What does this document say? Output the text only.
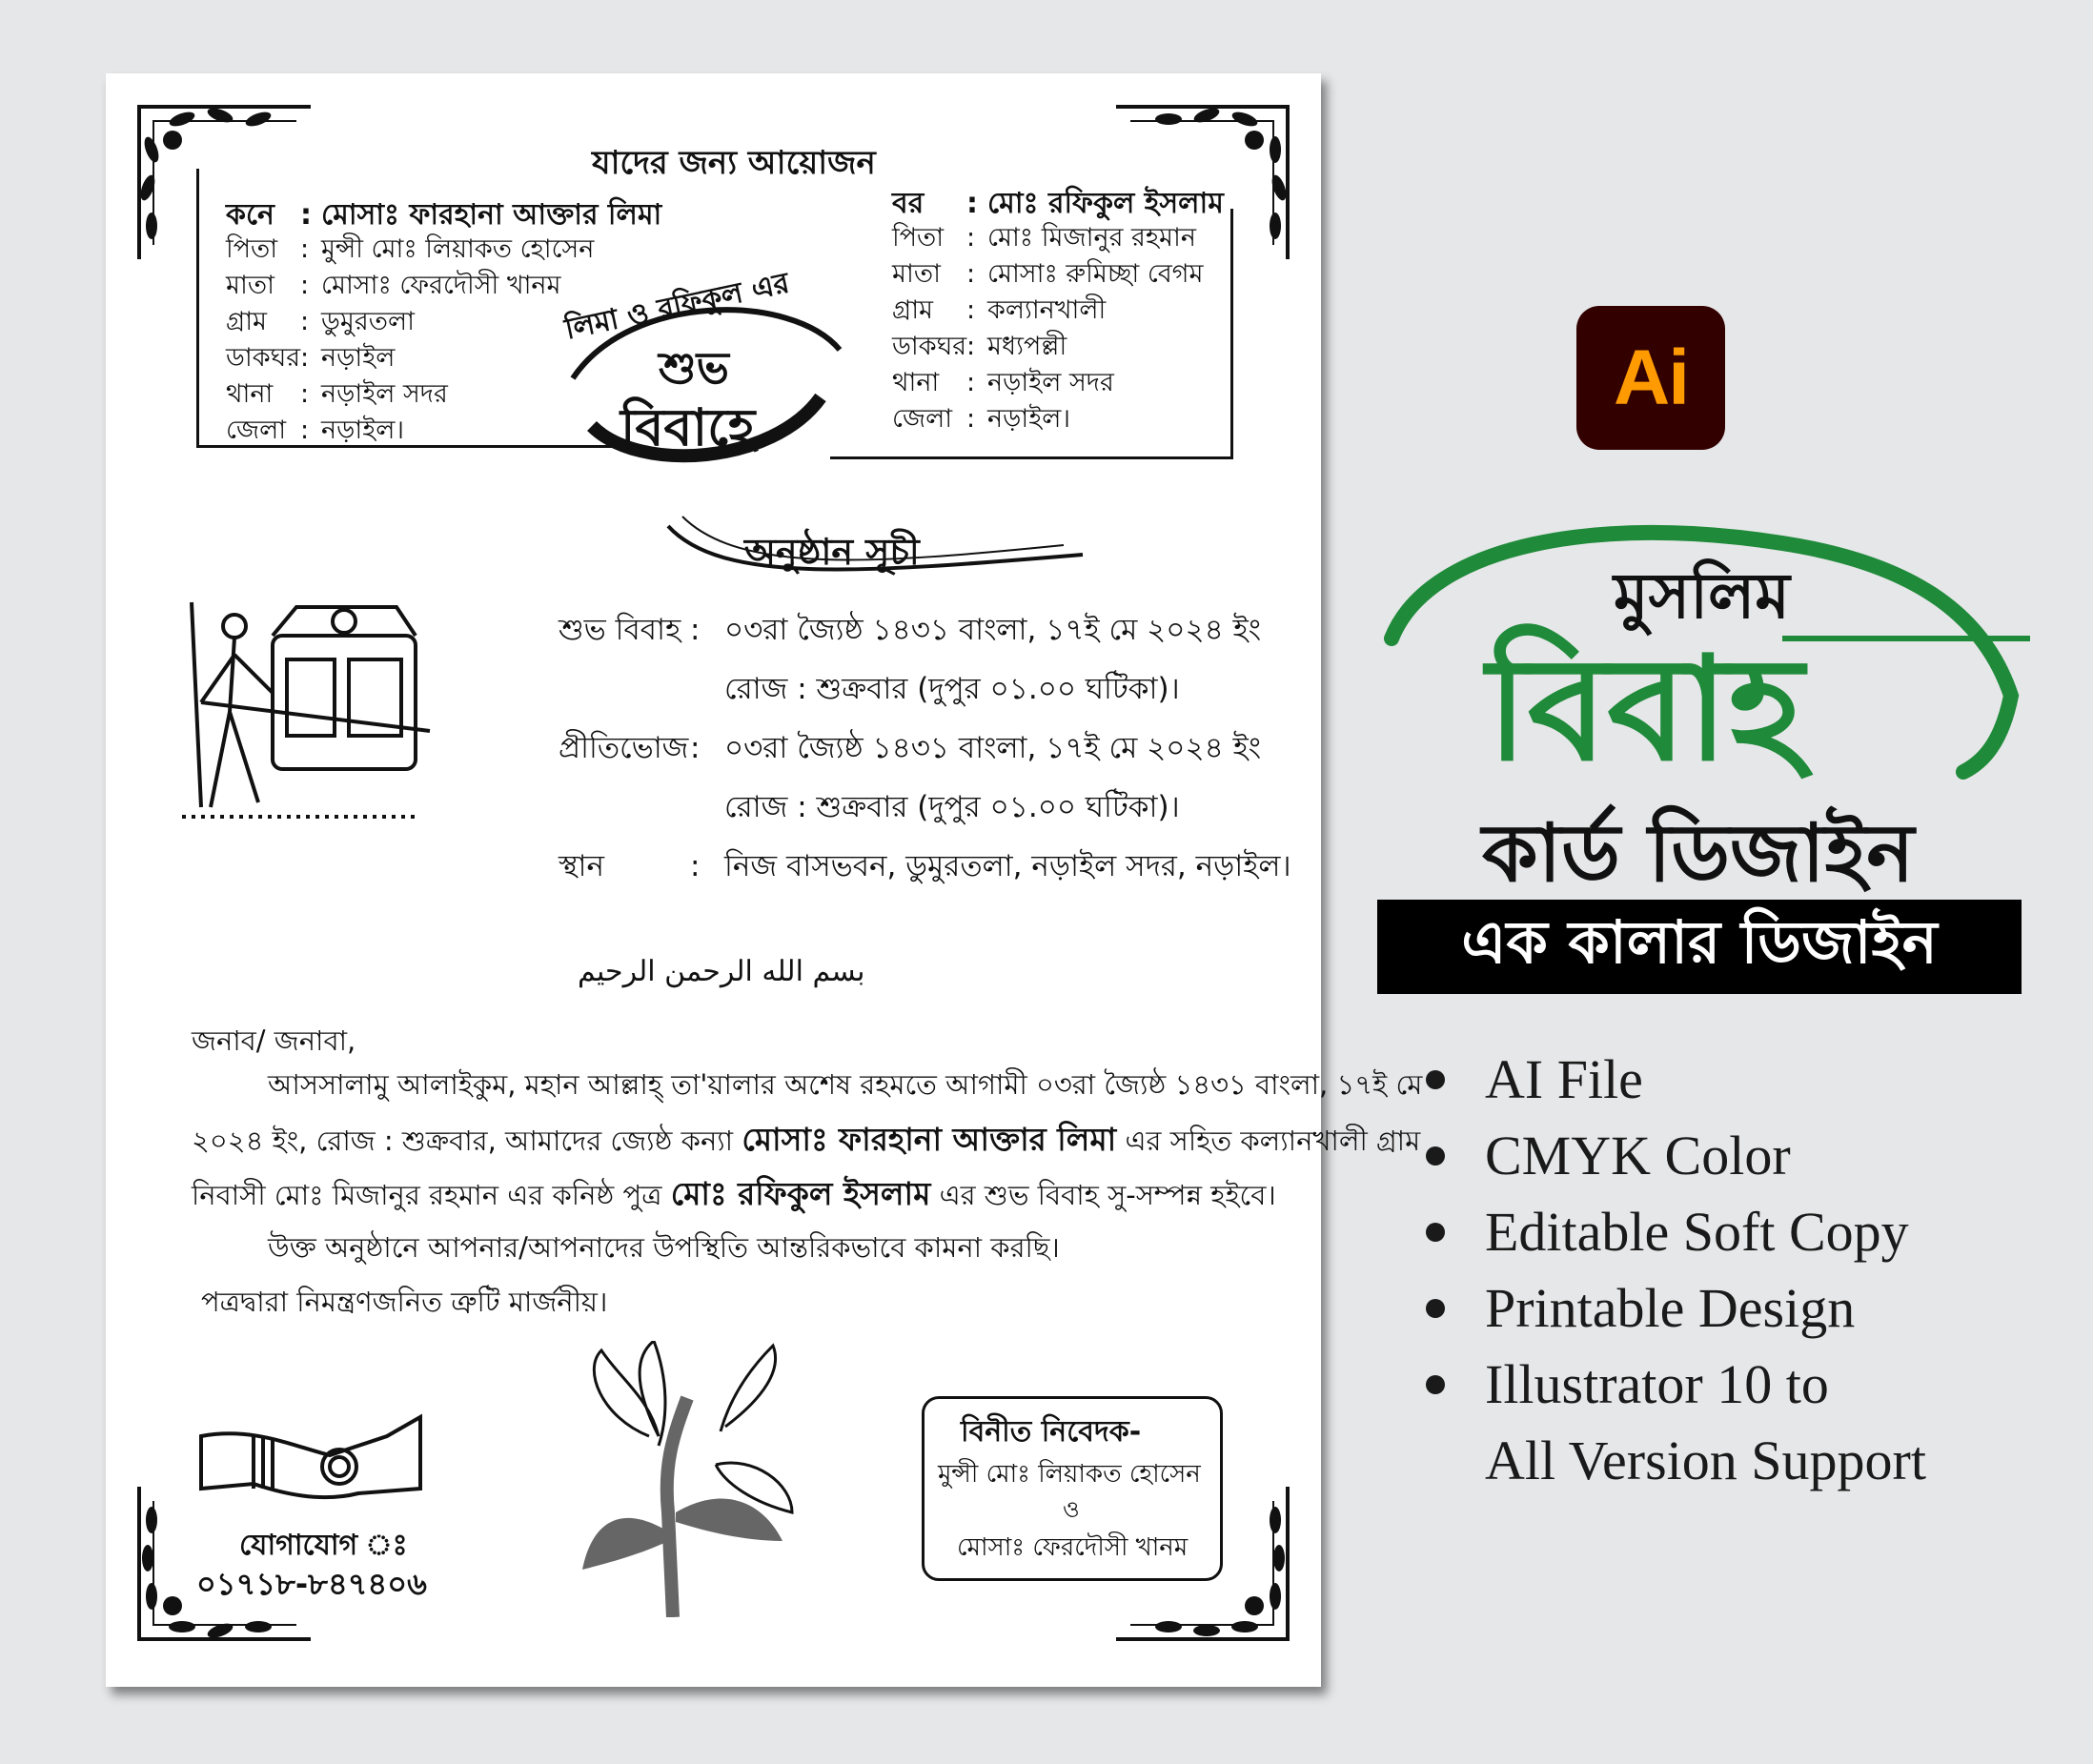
যাদের জন্য আয়োজন
কনে : মোসাঃ ফারহানা আক্তার লিমা
পিতা : মুন্সী মোঃ লিয়াকত হোসেন
মাতা : মোসাঃ ফেরদৌসী খানম
গ্রাম : ডুমুরতলা
ডাকঘর: নড়াইল
থানা : নড়াইল সদর
জেলা : নড়াইল।
বর : মোঃ রফিকুল ইসলাম
পিতা : মোঃ মিজানুর রহমান
মাতা : মোসাঃ রুমিচ্ছা বেগম
গ্রাম : কল্যানখালী
ডাকঘর: মধ্যপল্লী
থানা : নড়াইল সদর
জেলা : নড়াইল।
লিমা ও রফিকুল এর
শুভ
বিবাহে
অনুষ্ঠান সূচী
শুভ বিবাহ : ০৩রা জ্যৈষ্ঠ ১৪৩১ বাংলা, ১৭ই মে ২০২৪ ইং
রোজ : শুক্রবার (দুপুর ০১.০০ ঘটিকা)।
প্রীতিভোজ: ০৩রা জ্যৈষ্ঠ ১৪৩১ বাংলা, ১৭ই মে ২০২৪ ইং
রোজ : শুক্রবার (দুপুর ০১.০০ ঘটিকা)।
স্থান	: নিজ বাসভবন, ডুমুরতলা, নড়াইল সদর, নড়াইল।
بسم الله الرحمن الرحيم
জনাব/ জনাবা,
আসসালামু আলাইকুম, মহান আল্লাহ্ তা'য়ালার অশেষ রহমতে আগামী ০৩রা জ্যৈষ্ঠ ১৪৩১ বাংলা, ১৭ই মে
২০২৪ ইং, রোজ : শুক্রবার, আমাদের জ্যেষ্ঠ কন্যা মোসাঃ ফারহানা আক্তার লিমা এর সহিত কল্যানখালী গ্রাম
নিবাসী মোঃ মিজানুর রহমান এর কনিষ্ঠ পুত্র মোঃ রফিকুল ইসলাম এর শুভ বিবাহ সু-সম্পন্ন হইবে।
উক্ত অনুষ্ঠানে আপনার/আপনাদের উপস্থিতি আন্তরিকভাবে কামনা করছি।
পত্রদ্বারা নিমন্ত্রণজনিত ত্রুটি মার্জনীয়।
যোগাযোগ ঃ
০১৭১৮-৮৪৭৪০৬
বিনীত নিবেদক-
মুন্সী মোঃ লিয়াকত হোসেন
ও
মোসাঃ ফেরদৌসী খানম
Ai
মুসলিম
বিবাহ
কার্ড ডিজাইন
এক কালার ডিজাইন
AI File
CMYK Color
Editable Soft Copy
Printable Design
Illustrator 10 to
All Version Support
